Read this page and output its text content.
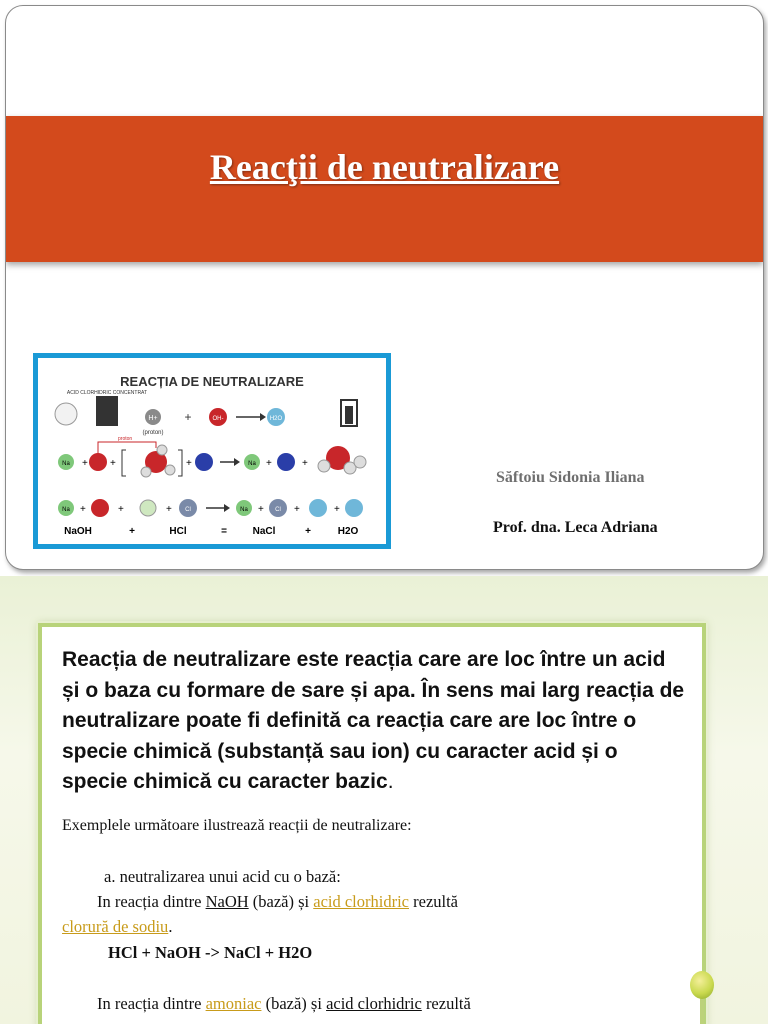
Reacţii de neutralizare
REACȚIA DE NEUTRALIZARE
ACID CLORHIDRIC CONCENTRAT
H+
(proton)
+	OH-	H2O
proton
Na + +	+	Na +	+
Na +	+	+ Cl	Na + Cl +	+
NaOH	+	HCl	=	NaCl	+	H2O
Săftoiu Sidonia Iliana
Prof. dna. Leca Adriana
Reacția de neutralizare este reacția care are loc între un acid și o baza cu formare de sare și apa. În sens mai larg reacția de neutralizare poate fi definită ca reacția care are loc între o specie chimică (substanță sau ion) cu caracter acid și o specie chimică cu caracter bazic.
Exemplele următoare ilustrează reacții de neutralizare:
a. neutralizarea unui acid cu o bază:
In reacția dintre NaOH (bază) și acid clorhidric rezultă
clorură de sodiu.
HCl + NaOH -> NaCl + H2O
In reacția dintre amoniac (bază) și acid clorhidric rezultă
